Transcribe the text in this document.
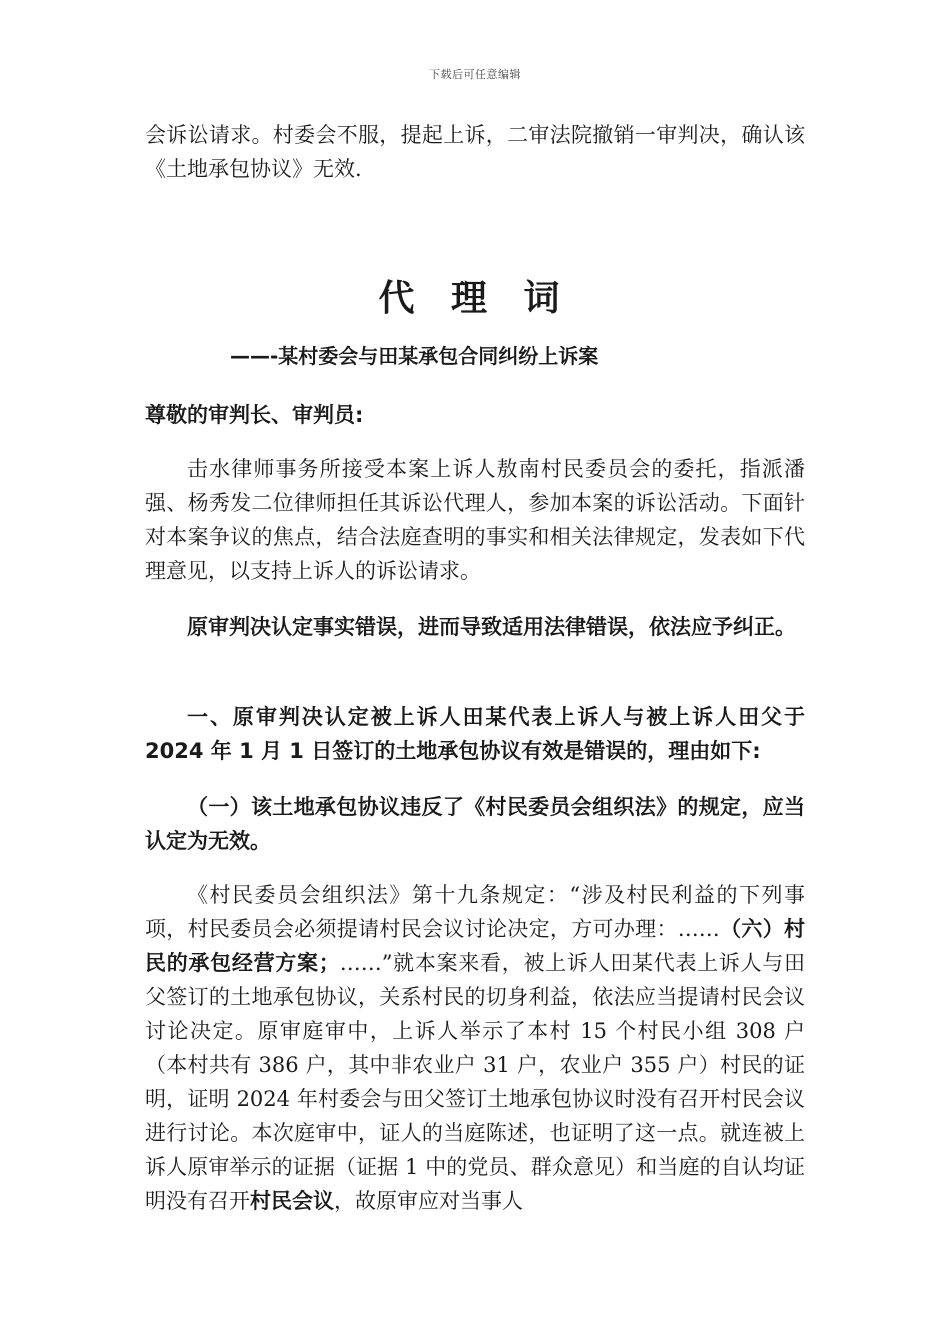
下载后可任意编辑

会诉讼请求。村委会不服，提起上诉，二审法院撤销一审判决，确认该《土地承包协议》无效.

代 理 词
——-某村委会与田某承包合同纠纷上诉案

尊敬的审判长、审判员:

击水律师事务所接受本案上诉人敖南村民委员会的委托，指派潘强、杨秀发二位律师担任其诉讼代理人，参加本案的诉讼活动。下面针对本案争议的焦点，结合法庭查明的事实和相关法律规定，发表如下代理意见，以支持上诉人的诉讼请求。

原审判决认定事实错误，进而导致适用法律错误，依法应予纠正。

一、原审判决认定被上诉人田某代表上诉人与被上诉人田父于 2024 年 1 月 1 日签订的土地承包协议有效是错误的，理由如下:

（一）该土地承包协议违反了《村民委员会组织法》的规定，应当认定为无效。

《村民委员会组织法》第十九条规定：“涉及村民利益的下列事项，村民委员会必须提请村民会议讨论决定，方可办理：……（六）村民的承包经营方案；……”就本案来看，被上诉人田某代表上诉人与田父签订的土地承包协议，关系村民的切身利益，依法应当提请村民会议讨论决定。原审庭审中，上诉人举示了本村 15 个村民小组 308 户（本村共有 386 户，其中非农业户 31 户，农业户 355 户）村民的证明，证明 2024 年村委会与田父签订土地承包协议时没有召开村民会议进行讨论。本次庭审中，证人的当庭陈述，也证明了这一点。就连被上诉人原审举示的证据（证据 1 中的党员、群众意见）和当庭的自认均证明没有召开村民会议，故原审应对当事人
